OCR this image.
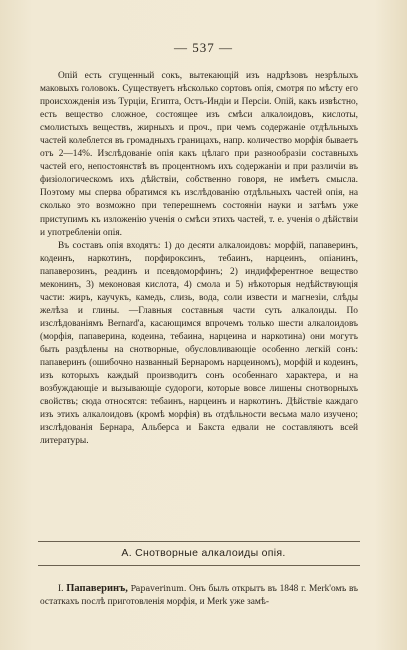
— 537 —

Опій есть сгущенный сокъ, вытекающій изъ надрѣзовъ незрѣлыхъ маковыхъ головокъ. Существуетъ нѣсколько сортовъ опія, смотря по мѣсту его происхожденія изъ Турціи, Египта, Остъ-Индіи и Персіи. Опій, какъ извѣстно, есть вещество сложное, состоящее изъ смѣси алкалоидовъ, кислоты, смолистыхъ веществъ, жирныхъ и проч., при чемъ содержаніе отдѣльныхъ частей колеблется въ громадныхъ границахъ, напр. количество морфія бываетъ отъ 2—14%. Изслѣдованіе опія какъ цѣлаго при разнообразіи составныхъ частей его, непостоянствѣ въ процентномъ ихъ содержаніи и при различіи въ физіологическомъ ихъ дѣйствіи, собственно говоря, не имѣетъ смысла. Поэтому мы сперва обратимся къ изслѣдованію отдѣльныхъ частей опія, на сколько это возможно при теперешнемъ состояніи науки и затѣмъ уже приступимъ къ изложенію ученія о смѣси этихъ частей, т. е. ученія о дѣйствіи и употребленіи опія.

Въ составъ опія входятъ: 1) до десяти алкалоидовъ: морфій, папаверинъ, кодеинъ, наркотинъ, порфироксинъ, тебаинъ, нарцеинъ, опіанинъ, папаверозинъ, реадинъ и псевдоморфинъ; 2) индифферентное вещество меконинъ, 3) меконовая кислота, 4) смола и 5) нѣкоторыя недѣйствующія части: жиръ, каучукъ, камедь, слизь, вода, соли извести и магнезіи, слѣды желѣза и глины. —Главныя составныя части суть алкалоиды. По изслѣдованіямъ Bernard'а, касающимся впрочемъ только шести алкалоидовъ (морфія, папаверина, кодеина, тебаина, нарцеина и наркотина) они могутъ быть раздѣлены на снотворные, обусловливающіе особенно легкій сонъ: папаверинъ (ошибочно названный Бернаромъ нарцеиномъ), морфій и кодеинъ, изъ которыхъ каждый производитъ сонъ особеннаго характера, и на возбуждающіе и вызывающіе судороги, которые вовсе лишены снотворныхъ свойствъ; сюда относятся: тебаинъ, нарцеинъ и наркотинъ. Дѣйствіе каждаго изъ этихъ алкалоидовъ (кромѣ морфія) въ отдѣльности весьма мало изучено; изслѣдованія Бернара, Альберса и Бакста едвали не составляютъ всей литературы.

А. Снотворные алкалоиды опія.

I. Папаверинъ, Papaverinum. Онъ былъ открытъ въ 1848 г. Merk'омъ въ остаткахъ послѣ приготовленія морфія, и Merk уже замѣ-
